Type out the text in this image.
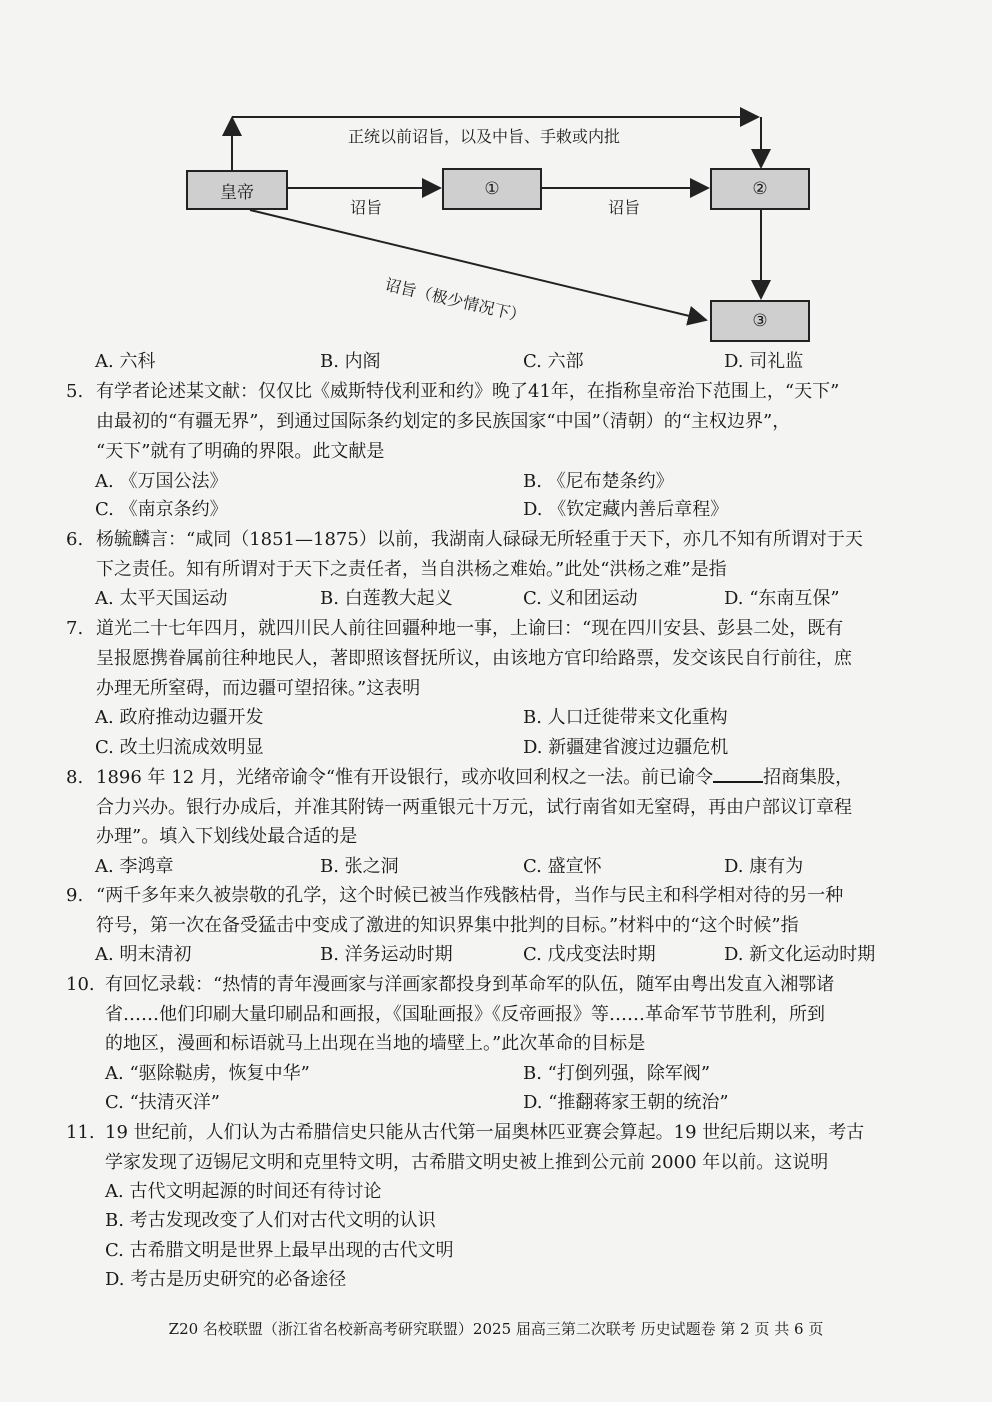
皇帝	①	②
③
正统以前诏旨，以及中旨、手敕或内批
诏旨	诏旨
诏旨（极少情况下）
A. 六科	B. 内阁	C. 六部	D. 司礼监
5. 有学者论述某文献：仅仅比《威斯特伐利亚和约》晚了41年，在指称皇帝治下范围上，“天下”
由最初的“有疆无界”，到通过国际条约划定的多民族国家“中国”（清朝）的“主权边界”，
“天下”就有了明确的界限。此文献是
A. 《万国公法》	B. 《尼布楚条约》
C. 《南京条约》	D. 《钦定藏内善后章程》
6. 杨毓麟言：“咸同（1851—1875）以前，我湖南人碌碌无所轻重于天下，亦几不知有所谓对于天
下之责任。知有所谓对于天下之责任者，当自洪杨之难始。”此处“洪杨之难”是指
A. 太平天国运动	B. 白莲教大起义	C. 义和团运动	D. “东南互保”
7. 道光二十七年四月，就四川民人前往回疆种地一事，上谕曰：“现在四川安县、彭县二处，既有
呈报愿携眷属前往种地民人，著即照该督抚所议，由该地方官印给路票，发交该民自行前往，庶
办理无所窒碍，而边疆可望招徕。”这表明
A. 政府推动边疆开发	B. 人口迁徙带来文化重构
C. 改土归流成效明显	D. 新疆建省渡过边疆危机
8. 1896 年 12 月，光绪帝谕令“惟有开设银行，或亦收回利权之一法。前已谕令	招商集股，
合力兴办。银行办成后，并准其附铸一两重银元十万元，试行南省如无窒碍，再由户部议订章程
办理”。填入下划线处最合适的是
A. 李鸿章	B. 张之洞	C. 盛宣怀	D. 康有为
9. “两千多年来久被崇敬的孔学，这个时候已被当作残骸枯骨，当作与民主和科学相对待的另一种
符号，第一次在备受猛击中变成了激进的知识界集中批判的目标。”材料中的“这个时候”指
A. 明末清初	B. 洋务运动时期	C. 戊戌变法时期	D. 新文化运动时期
10. 有回忆录载：“热情的青年漫画家与洋画家都投身到革命军的队伍，随军由粤出发直入湘鄂诸
省……他们印刷大量印刷品和画报，《国耻画报》《反帝画报》等……革命军节节胜利，所到
的地区，漫画和标语就马上出现在当地的墙壁上。”此次革命的目标是
A. “驱除鞑虏，恢复中华”	B. “打倒列强，除军阀”
C. “扶清灭洋”	D. “推翻蒋家王朝的统治”
11. 19 世纪前，人们认为古希腊信史只能从古代第一届奥林匹亚赛会算起。19 世纪后期以来，考古
学家发现了迈锡尼文明和克里特文明，古希腊文明史被上推到公元前 2000 年以前。这说明
A. 古代文明起源的时间还有待讨论
B. 考古发现改变了人们对古代文明的认识
C. 古希腊文明是世界上最早出现的古代文明
D. 考古是历史研究的必备途径
Z20 名校联盟（浙江省名校新高考研究联盟）2025 届高三第二次联考 历史试题卷 第 2 页 共 6 页
